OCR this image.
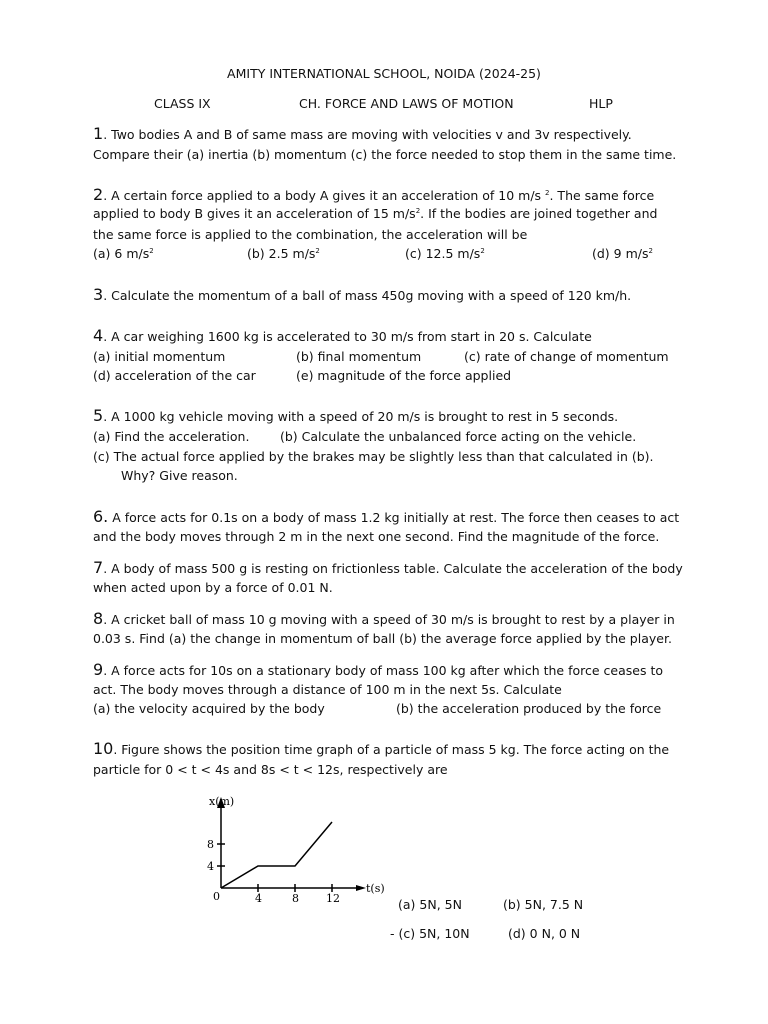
AMITY INTERNATIONAL SCHOOL, NOIDA (2024-25)
CLASS IX	CH. FORCE AND LAWS OF MOTION	HLP
1. Two bodies A and B of same mass are moving with velocities v and 3v respectively.
Compare their (a) inertia (b) momentum (c) the force needed to stop them in the same time.
2. A certain force applied to a body A gives it an acceleration of 10 m/s $^2$. The same force
applied to body B gives it an acceleration of 15 $m/s^2$. If the bodies are joined together and
the same force is applied to the combination, the acceleration will be
(a) 6 $m/s^2$	(b) 2.5 $m/s^2$	(c) 12.5 $m/s^2$	(d) 9 $m/s^2$
3. Calculate the momentum of a ball of mass 450g moving with a speed of 120 km/h.
4. A car weighing 1600 kg is accelerated to 30 m/s from start in 20 s. Calculate
(a) initial momentum	(b) final momentum	(c) rate of change of momentum
(d) acceleration of the car	(e) magnitude of the force applied
5. A 1000 kg vehicle moving with a speed of 20 m/s is brought to rest in 5 seconds.
(a) Find the acceleration. (b) Calculate the unbalanced force acting on the vehicle.
(c) The actual force applied by the brakes may be slightly less than that calculated in (b).
Why? Give reason.
6. A force acts for 0.1s on a body of mass 1.2 kg initially at rest. The force then ceases to act
and the body moves through 2 m in the next one second. Find the magnitude of the force.
7. A body of mass 500 g is resting on frictionless table. Calculate the acceleration of the body
when acted upon by a force of 0.01 N.
8. A cricket ball of mass 10 g moving with a speed of 30 m/s is brought to rest by a player in
0.03 s. Find (a) the change in momentum of ball (b) the average force applied by the player.
9. A force acts for 10s on a stationary body of mass 100 kg after which the force ceases to
act. The body moves through a distance of 100 m in the next 5s. Calculate
(a) the velocity acquired by the body	(b) the acceleration produced by the force
10. Figure shows the position time graph of a particle of mass 5 kg. The force acting on the
particle for 0 < t < 4s and 8s < t < 12s, respectively are
x(m)
t(s)
0	4	8 12
8
4
(a) 5N, 5N	(b) 5N, 7.5 N
- (c) 5N, 10N	(d) 0 N, 0 N
